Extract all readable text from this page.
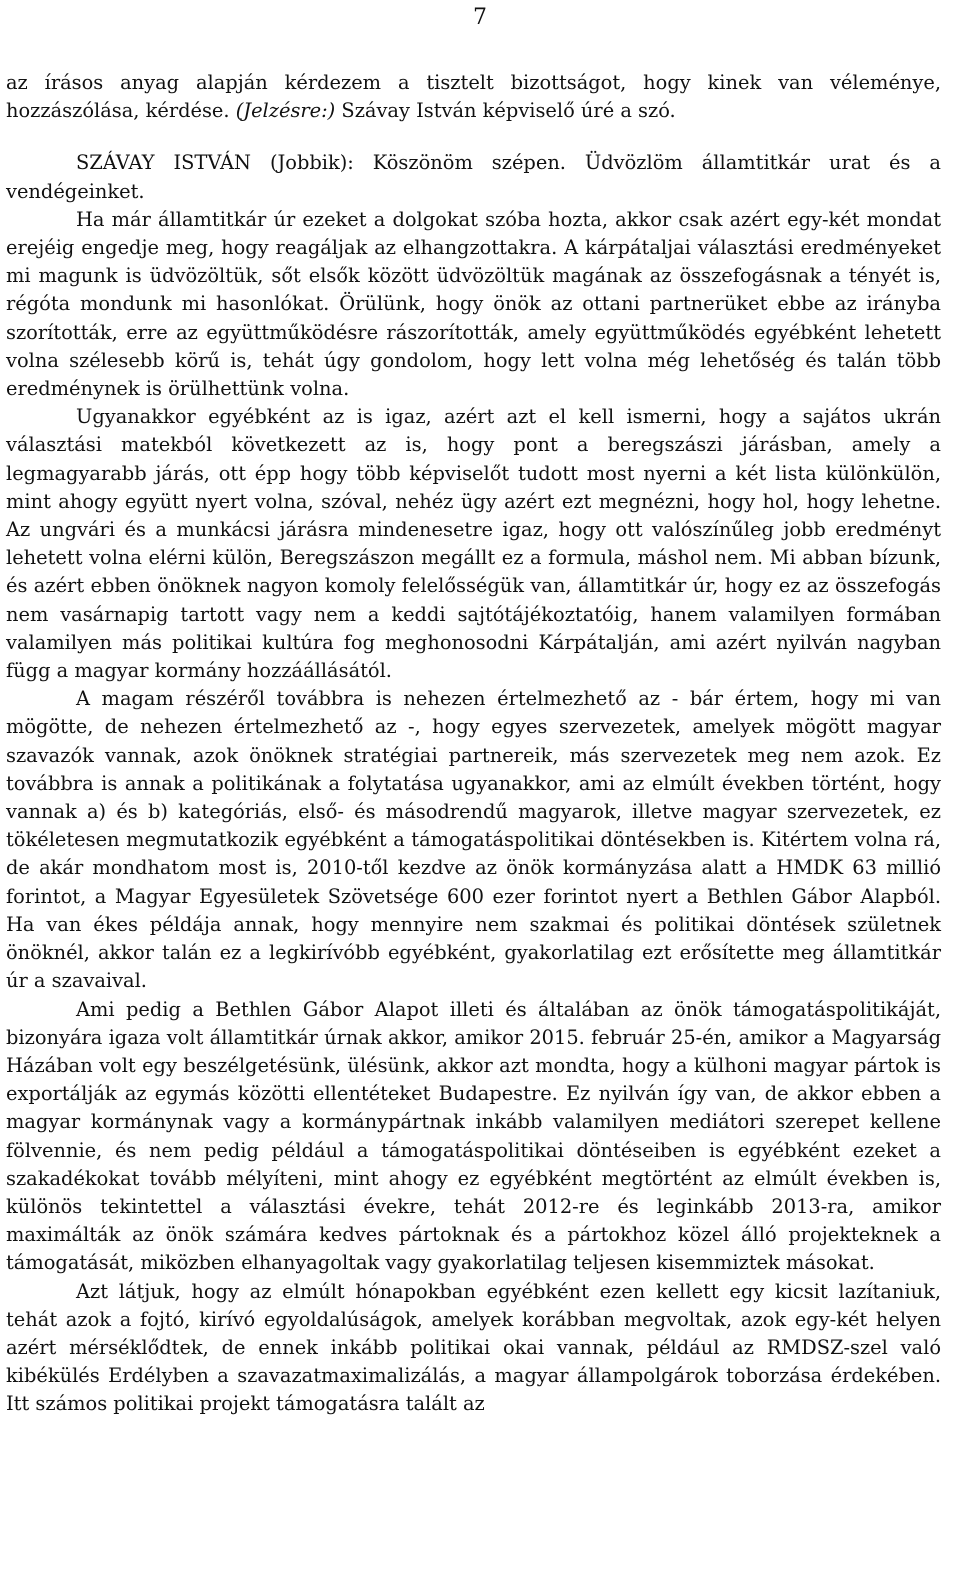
7

az írásos anyag alapján kérdezem a tisztelt bizottságot, hogy kinek van véleménye, hozzászólása, kérdése. (Jelzésre:) Szávay István képviselő úré a szó.

SZÁVAY ISTVÁN (Jobbik): Köszönöm szépen. Üdvözlöm államtitkár urat és a vendégeinket.

Ha már államtitkár úr ezeket a dolgokat szóba hozta, akkor csak azért egy-két mondat erejéig engedje meg, hogy reagáljak az elhangzottakra. A kárpátaljai választási eredményeket mi magunk is üdvözöltük, sőt elsők között üdvözöltük magának az összefogásnak a tényét is, régóta mondunk mi hasonlókat. Örülünk, hogy önök az ottani partnerüket ebbe az irányba szorították, erre az együttműködésre rászorították, amely együttműködés egyébként lehetett volna szélesebb körű is, tehát úgy gondolom, hogy lett volna még lehetőség és talán több eredménynek is örülhettünk volna.

Ugyanakkor egyébként az is igaz, azért azt el kell ismerni, hogy a sajátos ukrán választási matekból következett az is, hogy pont a beregszászi járásban, amely a legmagyarabb járás, ott épp hogy több képviselőt tudott most nyerni a két lista különkülön, mint ahogy együtt nyert volna, szóval, nehéz ügy azért ezt megnézni, hogy hol, hogy lehetne. Az ungvári és a munkácsi járásra mindenesetre igaz, hogy ott valószínűleg jobb eredményt lehetett volna elérni külön, Beregszászon megállt ez a formula, máshol nem. Mi abban bízunk, és azért ebben önöknek nagyon komoly felelősségük van, államtitkár úr, hogy ez az összefogás nem vasárnapig tartott vagy nem a keddi sajtótájékoztatóig, hanem valamilyen formában valamilyen más politikai kultúra fog meghonosodni Kárpátalján, ami azért nyilván nagyban függ a magyar kormány hozzáállásától.

A magam részéről továbbra is nehezen értelmezhető az - bár értem, hogy mi van mögötte, de nehezen értelmezhető az -, hogy egyes szervezetek, amelyek mögött magyar szavazók vannak, azok önöknek stratégiai partnereik, más szervezetek meg nem azok. Ez továbbra is annak a politikának a folytatása ugyanakkor, ami az elmúlt években történt, hogy vannak a) és b) kategóriás, első- és másodrendű magyarok, illetve magyar szervezetek, ez tökéletesen megmutatkozik egyébként a támogatáspolitikai döntésekben is. Kitértem volna rá, de akár mondhatom most is, 2010-től kezdve az önök kormányzása alatt a HMDK 63 millió forintot, a Magyar Egyesületek Szövetsége 600 ezer forintot nyert a Bethlen Gábor Alapból. Ha van ékes példája annak, hogy mennyire nem szakmai és politikai döntések születnek önöknél, akkor talán ez a legkirívóbb egyébként, gyakorlatilag ezt erősítette meg államtitkár úr a szavaival.

Ami pedig a Bethlen Gábor Alapot illeti és általában az önök támogatáspolitikáját, bizonyára igaza volt államtitkár úrnak akkor, amikor 2015. február 25-én, amikor a Magyarság Házában volt egy beszélgetésünk, ülésünk, akkor azt mondta, hogy a külhoni magyar pártok is exportálják az egymás közötti ellentéteket Budapestre. Ez nyilván így van, de akkor ebben a magyar kormánynak vagy a kormánypártnak inkább valamilyen mediátori szerepet kellene fölvennie, és nem pedig például a támogatáspolitikai döntéseiben is egyébként ezeket a szakadékokat tovább mélyíteni, mint ahogy ez egyébként megtörtént az elmúlt években is, különös tekintettel a választási évekre, tehát 2012-re és leginkább 2013-ra, amikor maximálták az önök számára kedves pártoknak és a pártokhoz közel álló projekteknek a támogatását, miközben elhanyagoltak vagy gyakorlatilag teljesen kisemmiztek másokat.

Azt látjuk, hogy az elmúlt hónapokban egyébként ezen kellett egy kicsit lazítaniuk, tehát azok a fojtó, kirívó egyoldalúságok, amelyek korábban megvoltak, azok egy-két helyen azért mérséklődtek, de ennek inkább politikai okai vannak, például az RMDSZ-szel való kibékülés Erdélyben a szavazatmaximalizálás, a magyar állampolgárok toborzása érdekében. Itt számos politikai projekt támogatásra talált az
